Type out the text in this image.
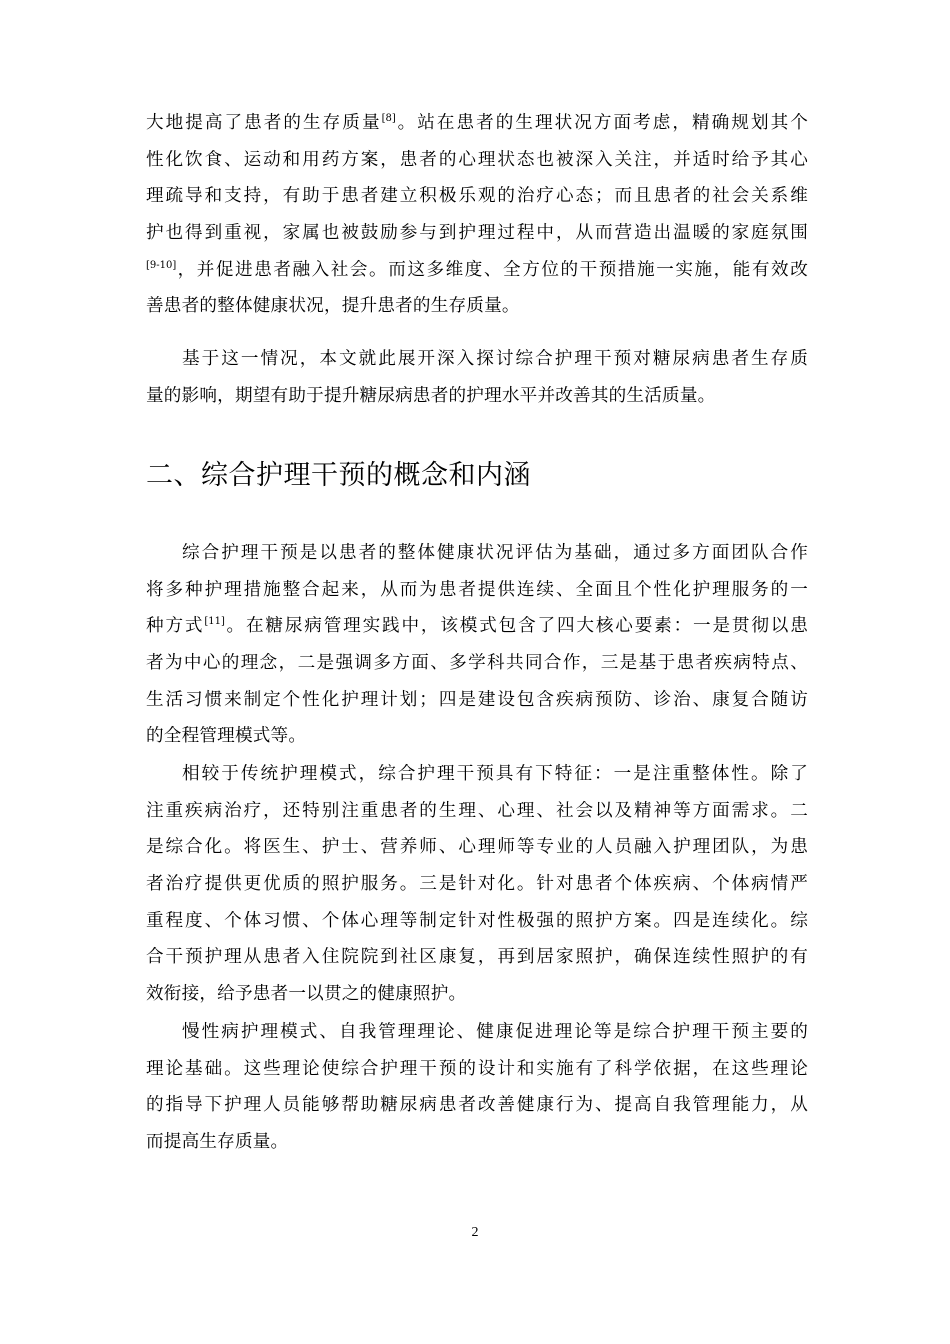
大地提高了患者的生存质量[8]。站在患者的生理状况方面考虑，精确规划其个
性化饮食、运动和用药方案，患者的心理状态也被深入关注，并适时给予其心
理疏导和支持，有助于患者建立积极乐观的治疗心态；而且患者的社会关系维
护也得到重视，家属也被鼓励参与到护理过程中，从而营造出温暖的家庭氛围
[9-10]，并促进患者融入社会。而这多维度、全方位的干预措施一实施，能有效改
善患者的整体健康状况，提升患者的生存质量。
基于这一情况，本文就此展开深入探讨综合护理干预对糖尿病患者生存质
量的影响，期望有助于提升糖尿病患者的护理水平并改善其的生活质量。
二、综合护理干预的概念和内涵
综合护理干预是以患者的整体健康状况评估为基础，通过多方面团队合作
将多种护理措施整合起来，从而为患者提供连续、全面且个性化护理服务的一
种方式[11]。在糖尿病管理实践中，该模式包含了四大核心要素：一是贯彻以患
者为中心的理念，二是强调多方面、多学科共同合作，三是基于患者疾病特点、
生活习惯来制定个性化护理计划；四是建设包含疾病预防、诊治、康复合随访
的全程管理模式等。
相较于传统护理模式，综合护理干预具有下特征：一是注重整体性。除了
注重疾病治疗，还特别注重患者的生理、心理、社会以及精神等方面需求。二
是综合化。将医生、护士、营养师、心理师等专业的人员融入护理团队，为患
者治疗提供更优质的照护服务。三是针对化。针对患者个体疾病、个体病情严
重程度、个体习惯、个体心理等制定针对性极强的照护方案。四是连续化。综
合干预护理从患者入住院院到社区康复，再到居家照护，确保连续性照护的有
效衔接，给予患者一以贯之的健康照护。
慢性病护理模式、自我管理理论、健康促进理论等是综合护理干预主要的
理论基础。这些理论使综合护理干预的设计和实施有了科学依据，在这些理论
的指导下护理人员能够帮助糖尿病患者改善健康行为、提高自我管理能力，从
而提高生存质量。
2
